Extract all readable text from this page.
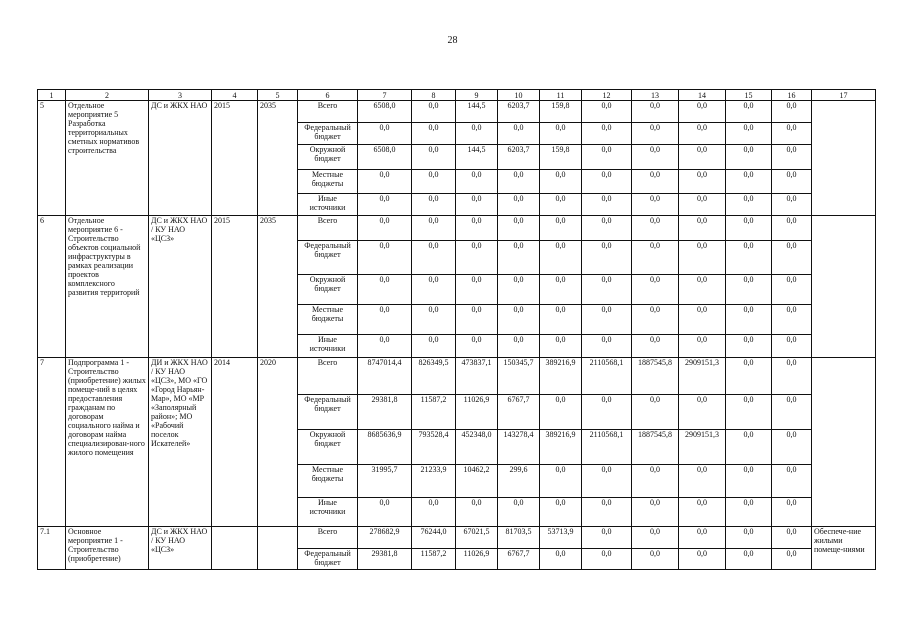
28
1	2	3	4	5	6	7	8	9	10	11	12	13	14	15	16	17
5	Отдельное мероприятие 5 Разработка территориальных сметных нормативов строительства	ДС и ЖКХ НАО	2015	2035	Всего	6508,0	0,0	144,5	6203,7	159,8	0,0	0,0	0,0	0,0	0,0	
					Федеральный бюджет	0,0	0,0	0,0	0,0	0,0	0,0	0,0	0,0	0,0	0,0	
					Окружной бюджет	6508,0	0,0	144,5	6203,7	159,8	0,0	0,0	0,0	0,0	0,0	
					Местные бюджеты	0,0	0,0	0,0	0,0	0,0	0,0	0,0	0,0	0,0	0,0	
					Иные источники	0,0	0,0	0,0	0,0	0,0	0,0	0,0	0,0	0,0	0,0	
6	Отдельное мероприятие 6 - Строительство объектов социальной инфраструктуры в рамках реализации проектов комплексного развития территорий	ДС и ЖКХ НАО / КУ НАО «ЦСЗ»	2015	2035	Всего	0,0	0,0	0,0	0,0	0,0	0,0	0,0	0,0	0,0	0,0	
					Федеральный бюджет	0,0	0,0	0,0	0,0	0,0	0,0	0,0	0,0	0,0	0,0	
					Окружной бюджет	0,0	0,0	0,0	0,0	0,0	0,0	0,0	0,0	0,0	0,0	
					Местные бюджеты	0,0	0,0	0,0	0,0	0,0	0,0	0,0	0,0	0,0	0,0	
					Иные источники	0,0	0,0	0,0	0,0	0,0	0,0	0,0	0,0	0,0	0,0	
7	Подпрограмма 1 - Строительство (приобретение) жилых помеще-ний в целях предоставления гражданам по договорам социального найма и договорам найма специализирован-ного жилого помещения	ДИ и ЖКХ НАО / КУ НАО «ЦСЗ», МО «ГО «Город Нарьян-Мар», МО «МР «Заполярный район»; МО «Рабочий поселок Искателей»	2014	2020	Всего	8747014,4	826349,5	473837,1	150345,7	389216,9	2110568,1	1887545,8	2909151,3	0,0	0,0	
					Федеральный бюджет	29381,8	11587,2	11026,9	6767,7	0,0	0,0	0,0	0,0	0,0	0,0	
					Окружной бюджет	8685636,9	793528,4	452348,0	143278,4	389216,9	2110568,1	1887545,8	2909151,3	0,0	0,0	
					Местные бюджеты	31995,7	21233,9	10462,2	299,6	0,0	0,0	0,0	0,0	0,0	0,0	
					Иные источники	0,0	0,0	0,0	0,0	0,0	0,0	0,0	0,0	0,0	0,0	
7.1	Основное мероприятие 1 - Строительство (приобретение)	ДС и ЖКХ НАО / КУ НАО «ЦСЗ»			Всего	278682,9	76244,0	67021,5	81703,5	53713,9	0,0	0,0	0,0	0,0	0,0	Обеспече-ние жилыми помеще-ниями
					Федеральный бюджет	29381,8	11587,2	11026,9	6767,7	0,0	0,0	0,0	0,0	0,0	0,0	
